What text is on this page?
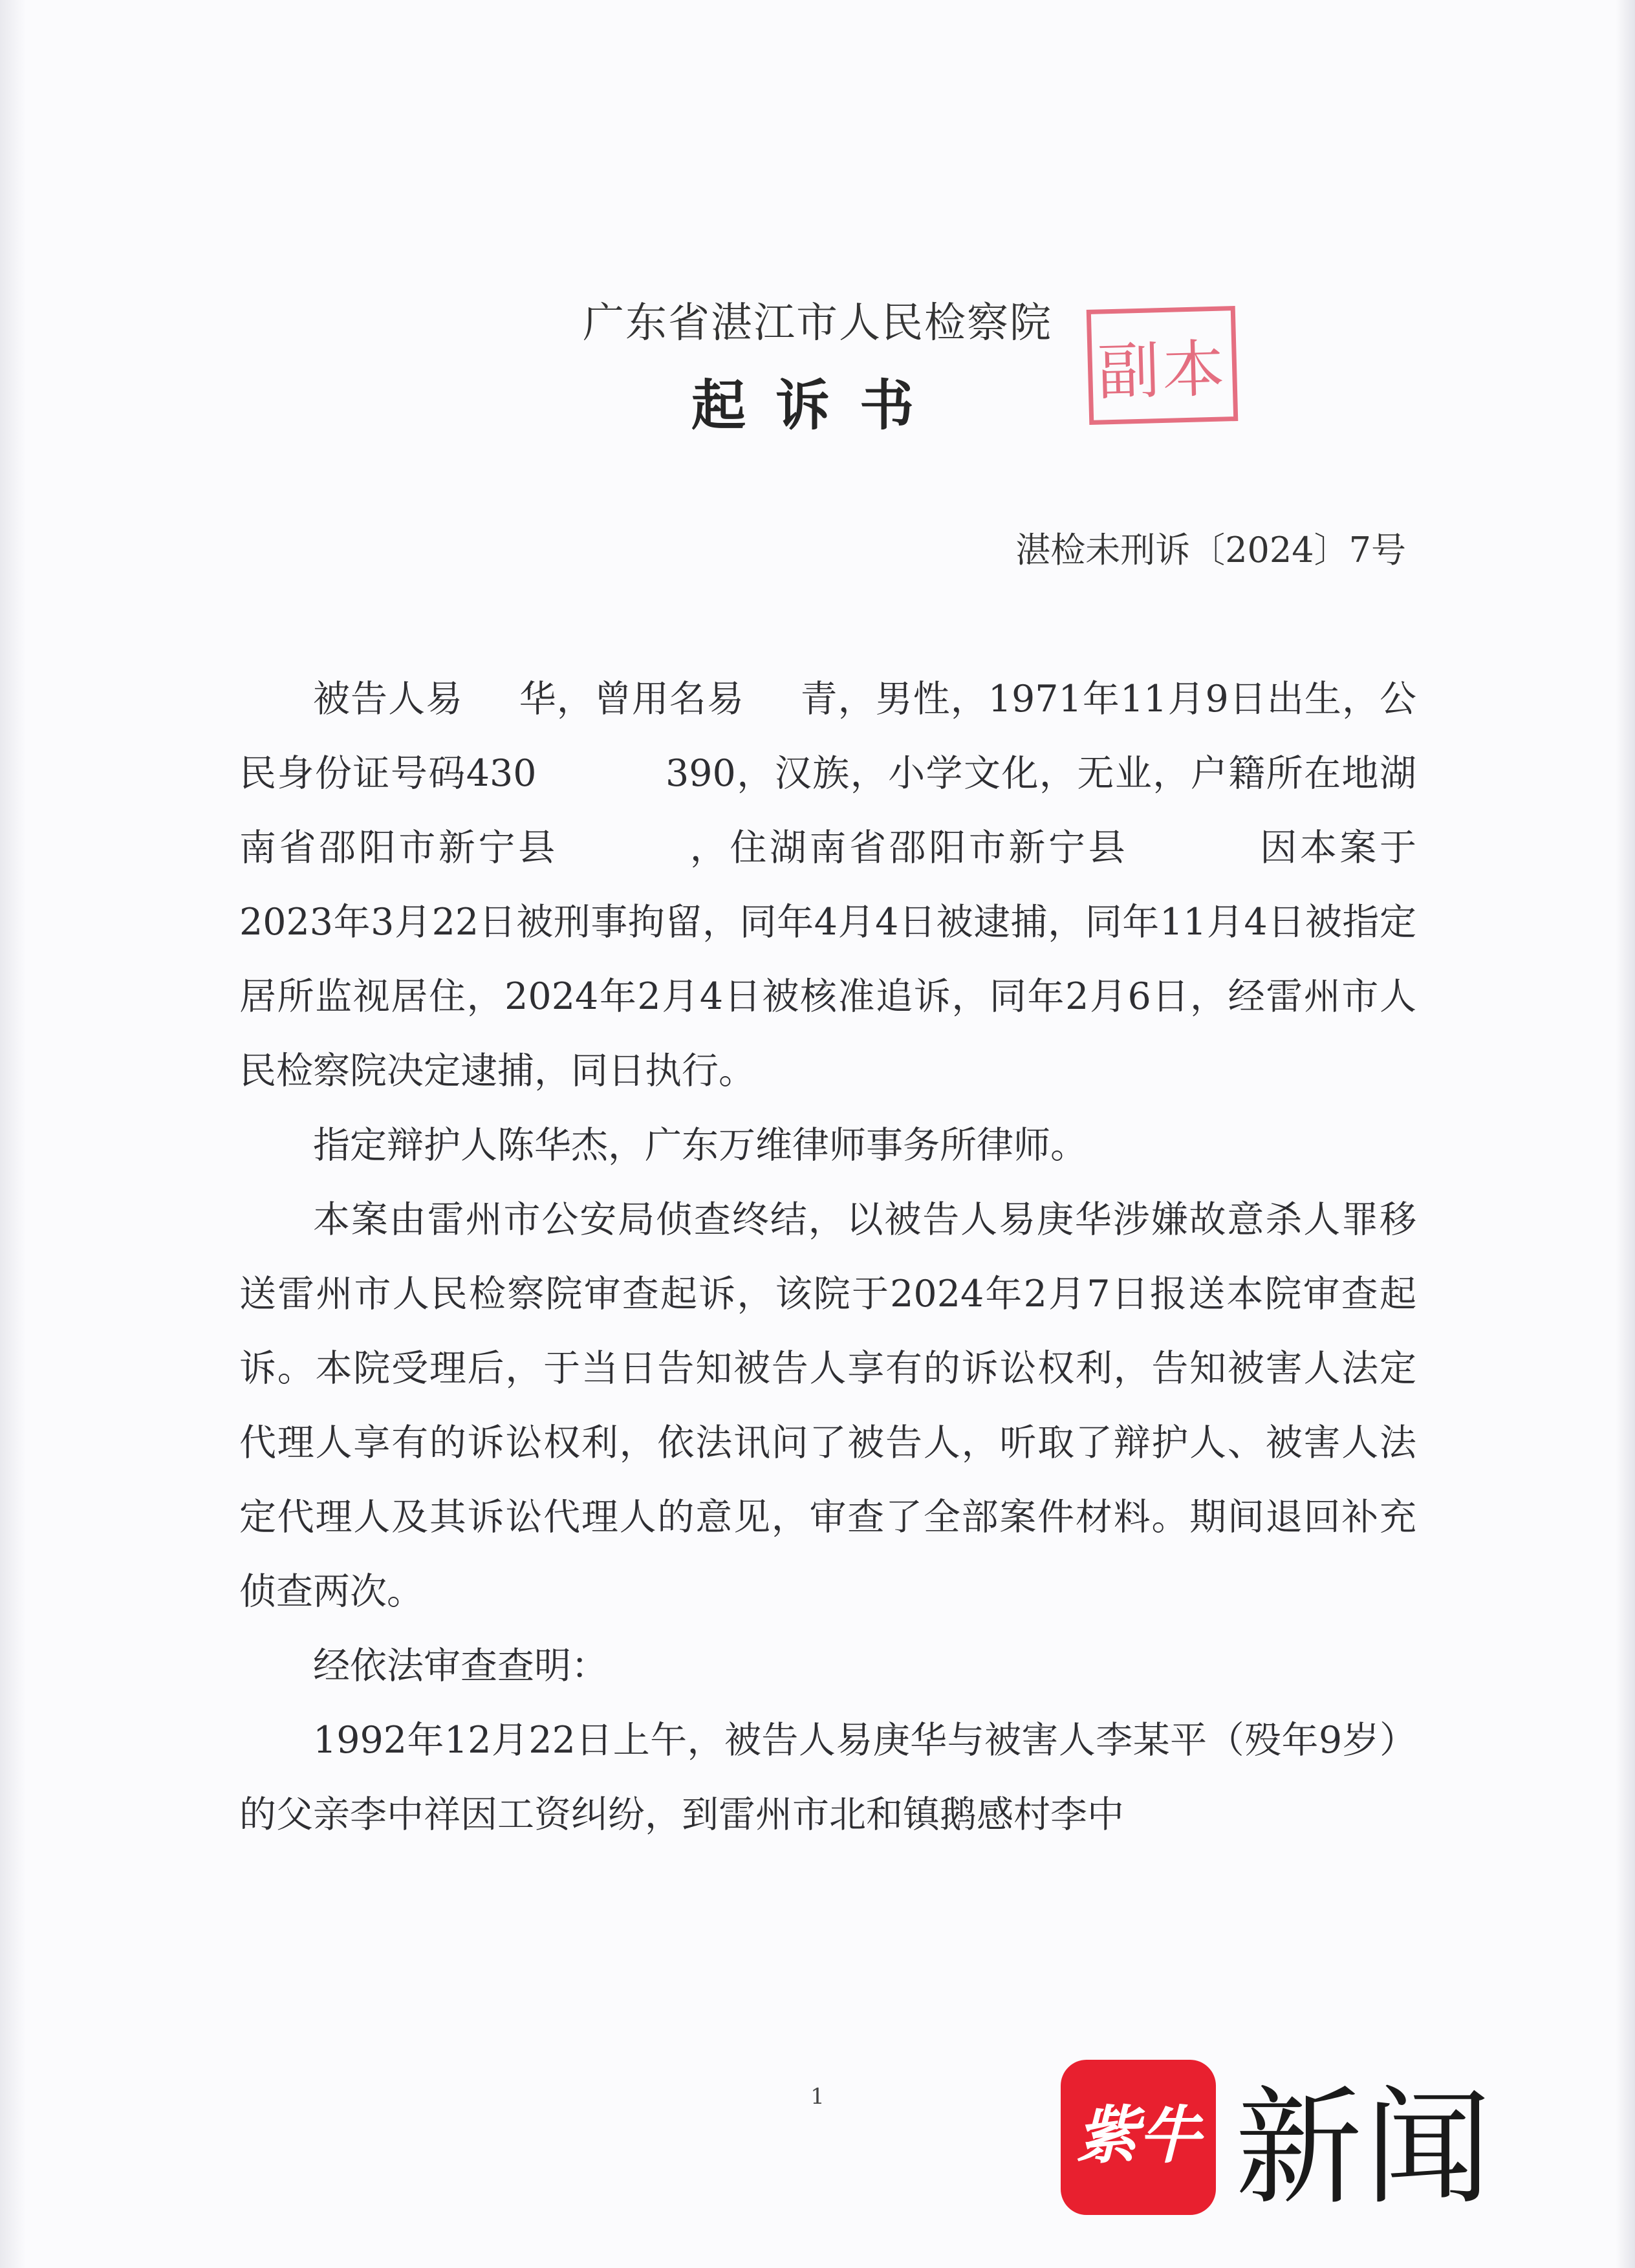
广东省湛江市人民检察院
起诉书	副本
湛检未刑诉〔2024〕7号

被告人易 华，曾用名易 青，男性，1971年11月9日出生，公民身份证号码430	390，汉族，小学文化，无业，户籍所在地湖南省邵阳市新宁县	，住湖南省邵阳市新宁县	因本案于2023年3月22日被刑事拘留，同年4月4日被逮捕，同年11月4日被指定居所监视居住，2024年2月4日被核准追诉，同年2月6日，经雷州市人民检察院决定逮捕，同日执行。

指定辩护人陈华杰，广东万维律师事务所律师。

本案由雷州市公安局侦查终结，以被告人易庚华涉嫌故意杀人罪移送雷州市人民检察院审查起诉，该院于2024年2月7日报送本院审查起诉。本院受理后，于当日告知被告人享有的诉讼权利，告知被害人法定代理人享有的诉讼权利，依法讯问了被告人，听取了辩护人、被害人法定代理人及其诉讼代理人的意见，审查了全部案件材料。期间退回补充侦查两次。

经依法审查查明：

1992年12月22日上午，被告人易庚华与被害人李某平（殁年9岁）的父亲李中祥因工资纠纷，到雷州市北和镇鹅感村李中

1
紫牛 新闻
